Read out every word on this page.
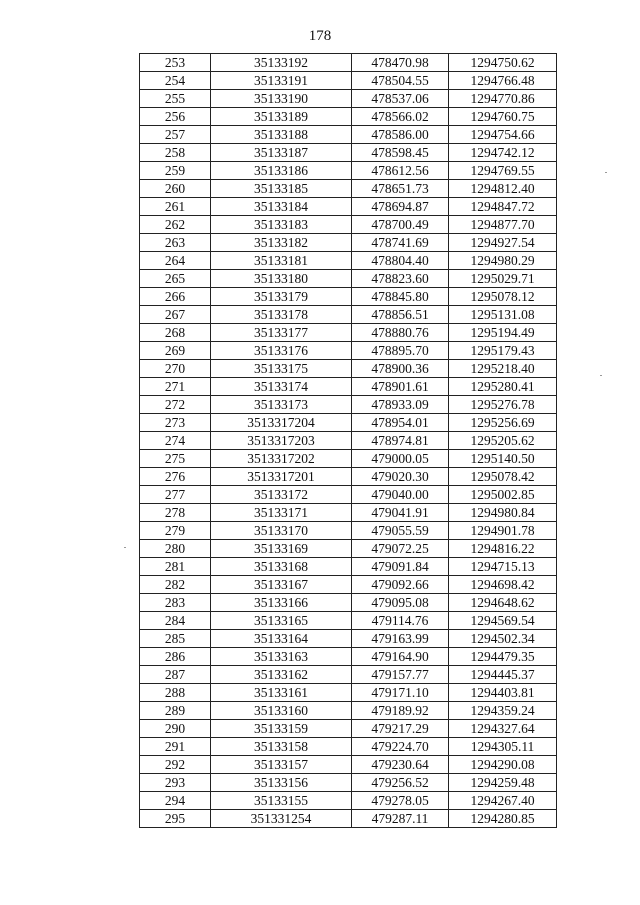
178
253	35133192	478470.98	1294750.62
254	35133191	478504.55	1294766.48
255	35133190	478537.06	1294770.86
256	35133189	478566.02	1294760.75
257	35133188	478586.00	1294754.66
258	35133187	478598.45	1294742.12
259	35133186	478612.56	1294769.55
260	35133185	478651.73	1294812.40
261	35133184	478694.87	1294847.72
262	35133183	478700.49	1294877.70
263	35133182	478741.69	1294927.54
264	35133181	478804.40	1294980.29
265	35133180	478823.60	1295029.71
266	35133179	478845.80	1295078.12
267	35133178	478856.51	1295131.08
268	35133177	478880.76	1295194.49
269	35133176	478895.70	1295179.43
270	35133175	478900.36	1295218.40
271	35133174	478901.61	1295280.41
272	35133173	478933.09	1295276.78
273	3513317204	478954.01	1295256.69
274	3513317203	478974.81	1295205.62
275	3513317202	479000.05	1295140.50
276	3513317201	479020.30	1295078.42
277	35133172	479040.00	1295002.85
278	35133171	479041.91	1294980.84
279	35133170	479055.59	1294901.78
280	35133169	479072.25	1294816.22
281	35133168	479091.84	1294715.13
282	35133167	479092.66	1294698.42
283	35133166	479095.08	1294648.62
284	35133165	479114.76	1294569.54
285	35133164	479163.99	1294502.34
286	35133163	479164.90	1294479.35
287	35133162	479157.77	1294445.37
288	35133161	479171.10	1294403.81
289	35133160	479189.92	1294359.24
290	35133159	479217.29	1294327.64
291	35133158	479224.70	1294305.11
292	35133157	479230.64	1294290.08
293	35133156	479256.52	1294259.48
294	35133155	479278.05	1294267.40
295	351331254	479287.11	1294280.85
